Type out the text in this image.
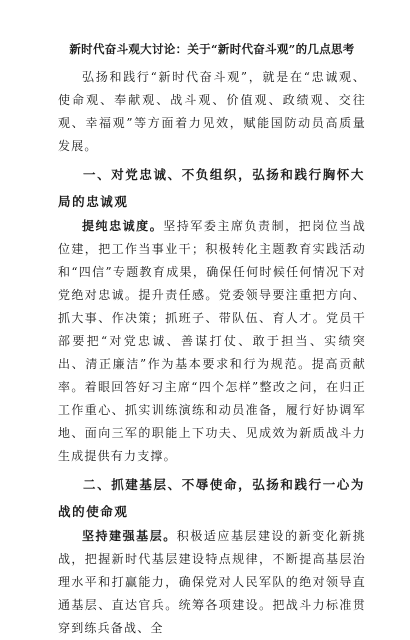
新时代奋斗观大讨论：关于“新时代奋斗观”的几点思考

弘扬和践行“新时代奋斗观”，就是在“忠诚观、使命观、奉献观、战斗观、价值观、政绩观、交往观、幸福观”等方面着力见效，赋能国防动员高质量发展。

一、对党忠诚、不负组织，弘扬和践行胸怀大局的忠诚观

提纯忠诚度。坚持军委主席负责制，把岗位当战位建，把工作当事业干；积极转化主题教育实践活动和“四信”专题教育成果，确保任何时候任何情况下对党绝对忠诚。提升责任感。党委领导要注重把方向、抓大事、作决策；抓班子、带队伍、育人才。党员干部要把“对党忠诚、善谋打仗、敢于担当、实绩突出、清正廉洁”作为基本要求和行为规范。提高贡献率。着眼回答好习主席“四个怎样”整改之问，在归正工作重心、抓实训练演练和动员准备，履行好协调军地、面向三军的职能上下功夫、见成效为新质战斗力生成提供有力支撑。

二、抓建基层、不辱使命，弘扬和践行一心为战的使命观

坚持建强基层。积极适应基层建设的新变化新挑战，把握新时代基层建设特点规律，不断提高基层治理水平和打赢能力，确保党对人民军队的绝对领导直通基层、直达官兵。统筹各项建设。把战斗力标准贯穿到练兵备战、全
